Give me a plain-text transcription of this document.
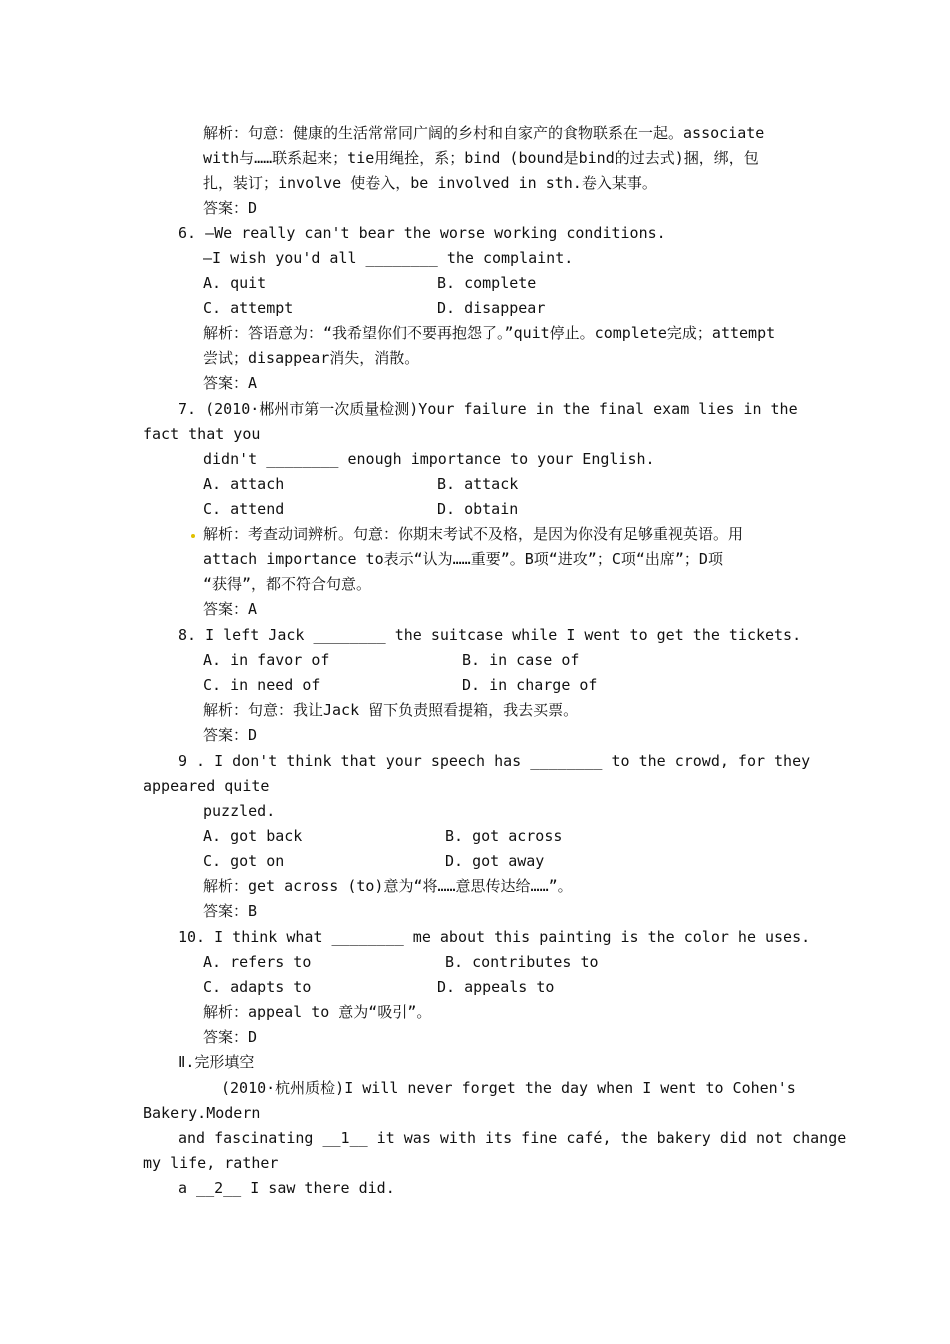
解析：句意：健康的生活常常同广阔的乡村和自家产的食物联系在一起。associate
with与……联系起来；tie用绳拴，系；bind (bound是bind的过去式)捆，绑，包
扎，装订；involve 使卷入，be involved in sth.卷入某事。
答案：D
6. —We really can't bear the worse working conditions.
—I wish you'd all ________ the complaint.
A. quit	B. complete
C. attempt	D. disappear
解析：答语意为：“我希望你们不要再抱怨了。”quit停止。complete完成；attempt
尝试；disappear消失，消散。
答案：A
7. (2010·郴州市第一次质量检测)Your failure in the final exam lies in the
fact that you
didn't ________ enough importance to your English.
A. attach	B. attack
C. attend	D. obtain
解析：考查动词辨析。句意：你期末考试不及格，是因为你没有足够重视英语。用
attach importance to表示“认为……重要”。B项“进攻”；C项“出席”；D项
“获得”，都不符合句意。
答案：A
8. I left Jack ________ the suitcase while I went to get the tickets.
A. in favor of	B. in case of
C. in need of	D. in charge of
解析：句意：我让Jack 留下负责照看提箱，我去买票。
答案：D
9 . I don't think that your speech has ________ to the crowd, for they
appeared quite
puzzled.
A. got back	B. got across
C. got on	D. got away
解析：get across (to)意为“将……意思传达给……”。
答案：B
10. I think what ________ me about this painting is the color he uses.
A. refers to	B. contributes to
C. adapts to	D. appeals to
解析：appeal to 意为“吸引”。
答案：D
Ⅱ.完形填空
(2010·杭州质检)I will never forget the day when I went to Cohen's
Bakery.Modern
and fascinating __1__ it was with its fine café, the bakery did not change
my life, rather
a __2__ I saw there did.
